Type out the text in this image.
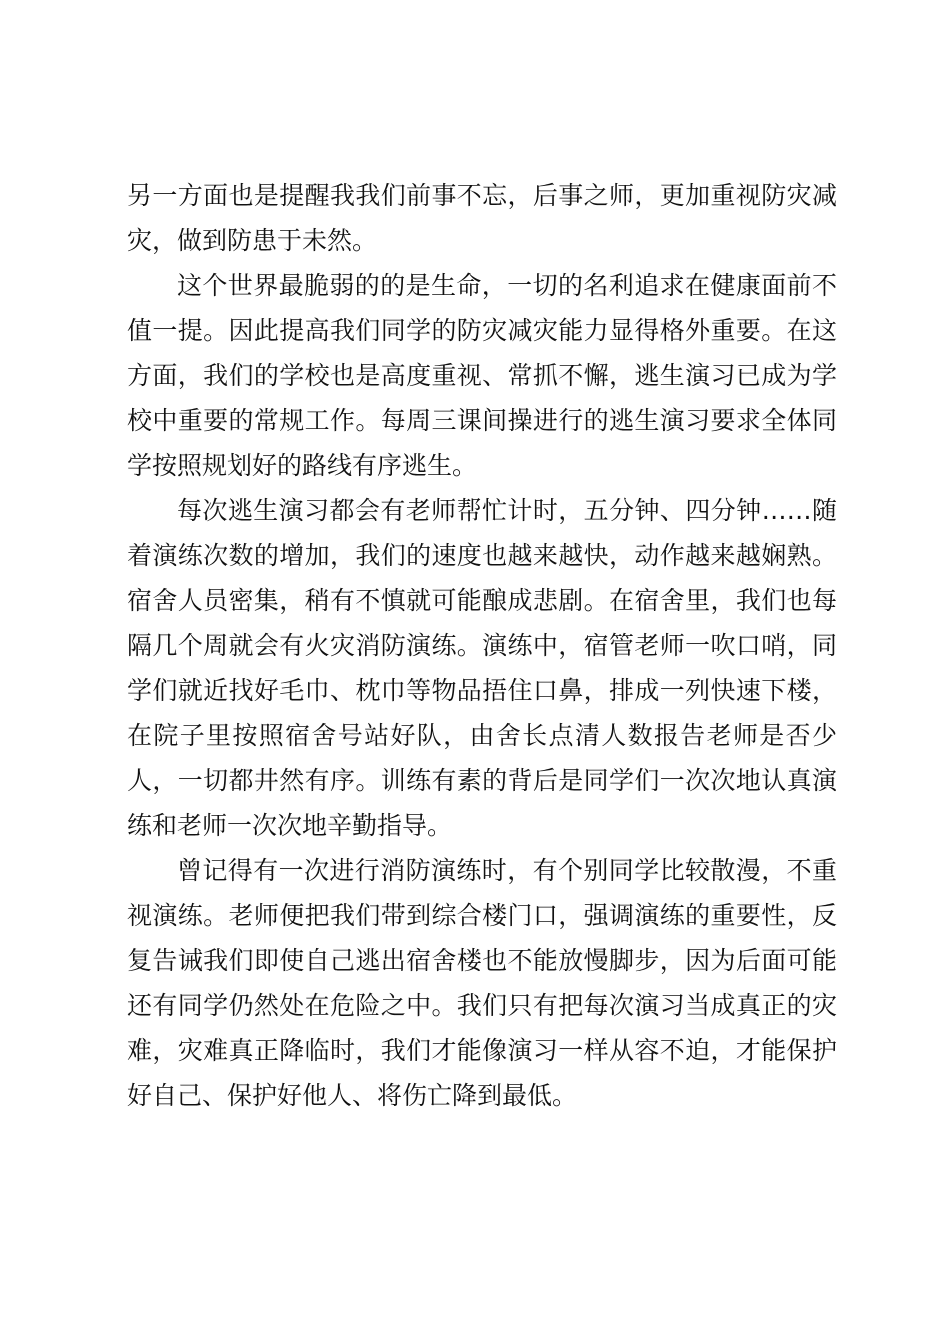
另一方面也是提醒我我们前事不忘，后事之师，更加重视防灾减灾，做到防患于未然。

这个世界最脆弱的的是生命，一切的名利追求在健康面前不值一提。因此提高我们同学的防灾减灾能力显得格外重要。在这方面，我们的学校也是高度重视、常抓不懈，逃生演习已成为学校中重要的常规工作。每周三课间操进行的逃生演习要求全体同学按照规划好的路线有序逃生。

每次逃生演习都会有老师帮忙计时，五分钟、四分钟……随着演练次数的增加，我们的速度也越来越快，动作越来越娴熟。宿舍人员密集，稍有不慎就可能酿成悲剧。在宿舍里，我们也每隔几个周就会有火灾消防演练。演练中，宿管老师一吹口哨，同学们就近找好毛巾、枕巾等物品捂住口鼻，排成一列快速下楼，在院子里按照宿舍号站好队，由舍长点清人数报告老师是否少人，一切都井然有序。训练有素的背后是同学们一次次地认真演练和老师一次次地辛勤指导。

曾记得有一次进行消防演练时，有个别同学比较散漫，不重视演练。老师便把我们带到综合楼门口，强调演练的重要性，反复告诫我们即使自己逃出宿舍楼也不能放慢脚步，因为后面可能还有同学仍然处在危险之中。我们只有把每次演习当成真正的灾难，灾难真正降临时，我们才能像演习一样从容不迫，才能保护好自己、保护好他人、将伤亡降到最低。
